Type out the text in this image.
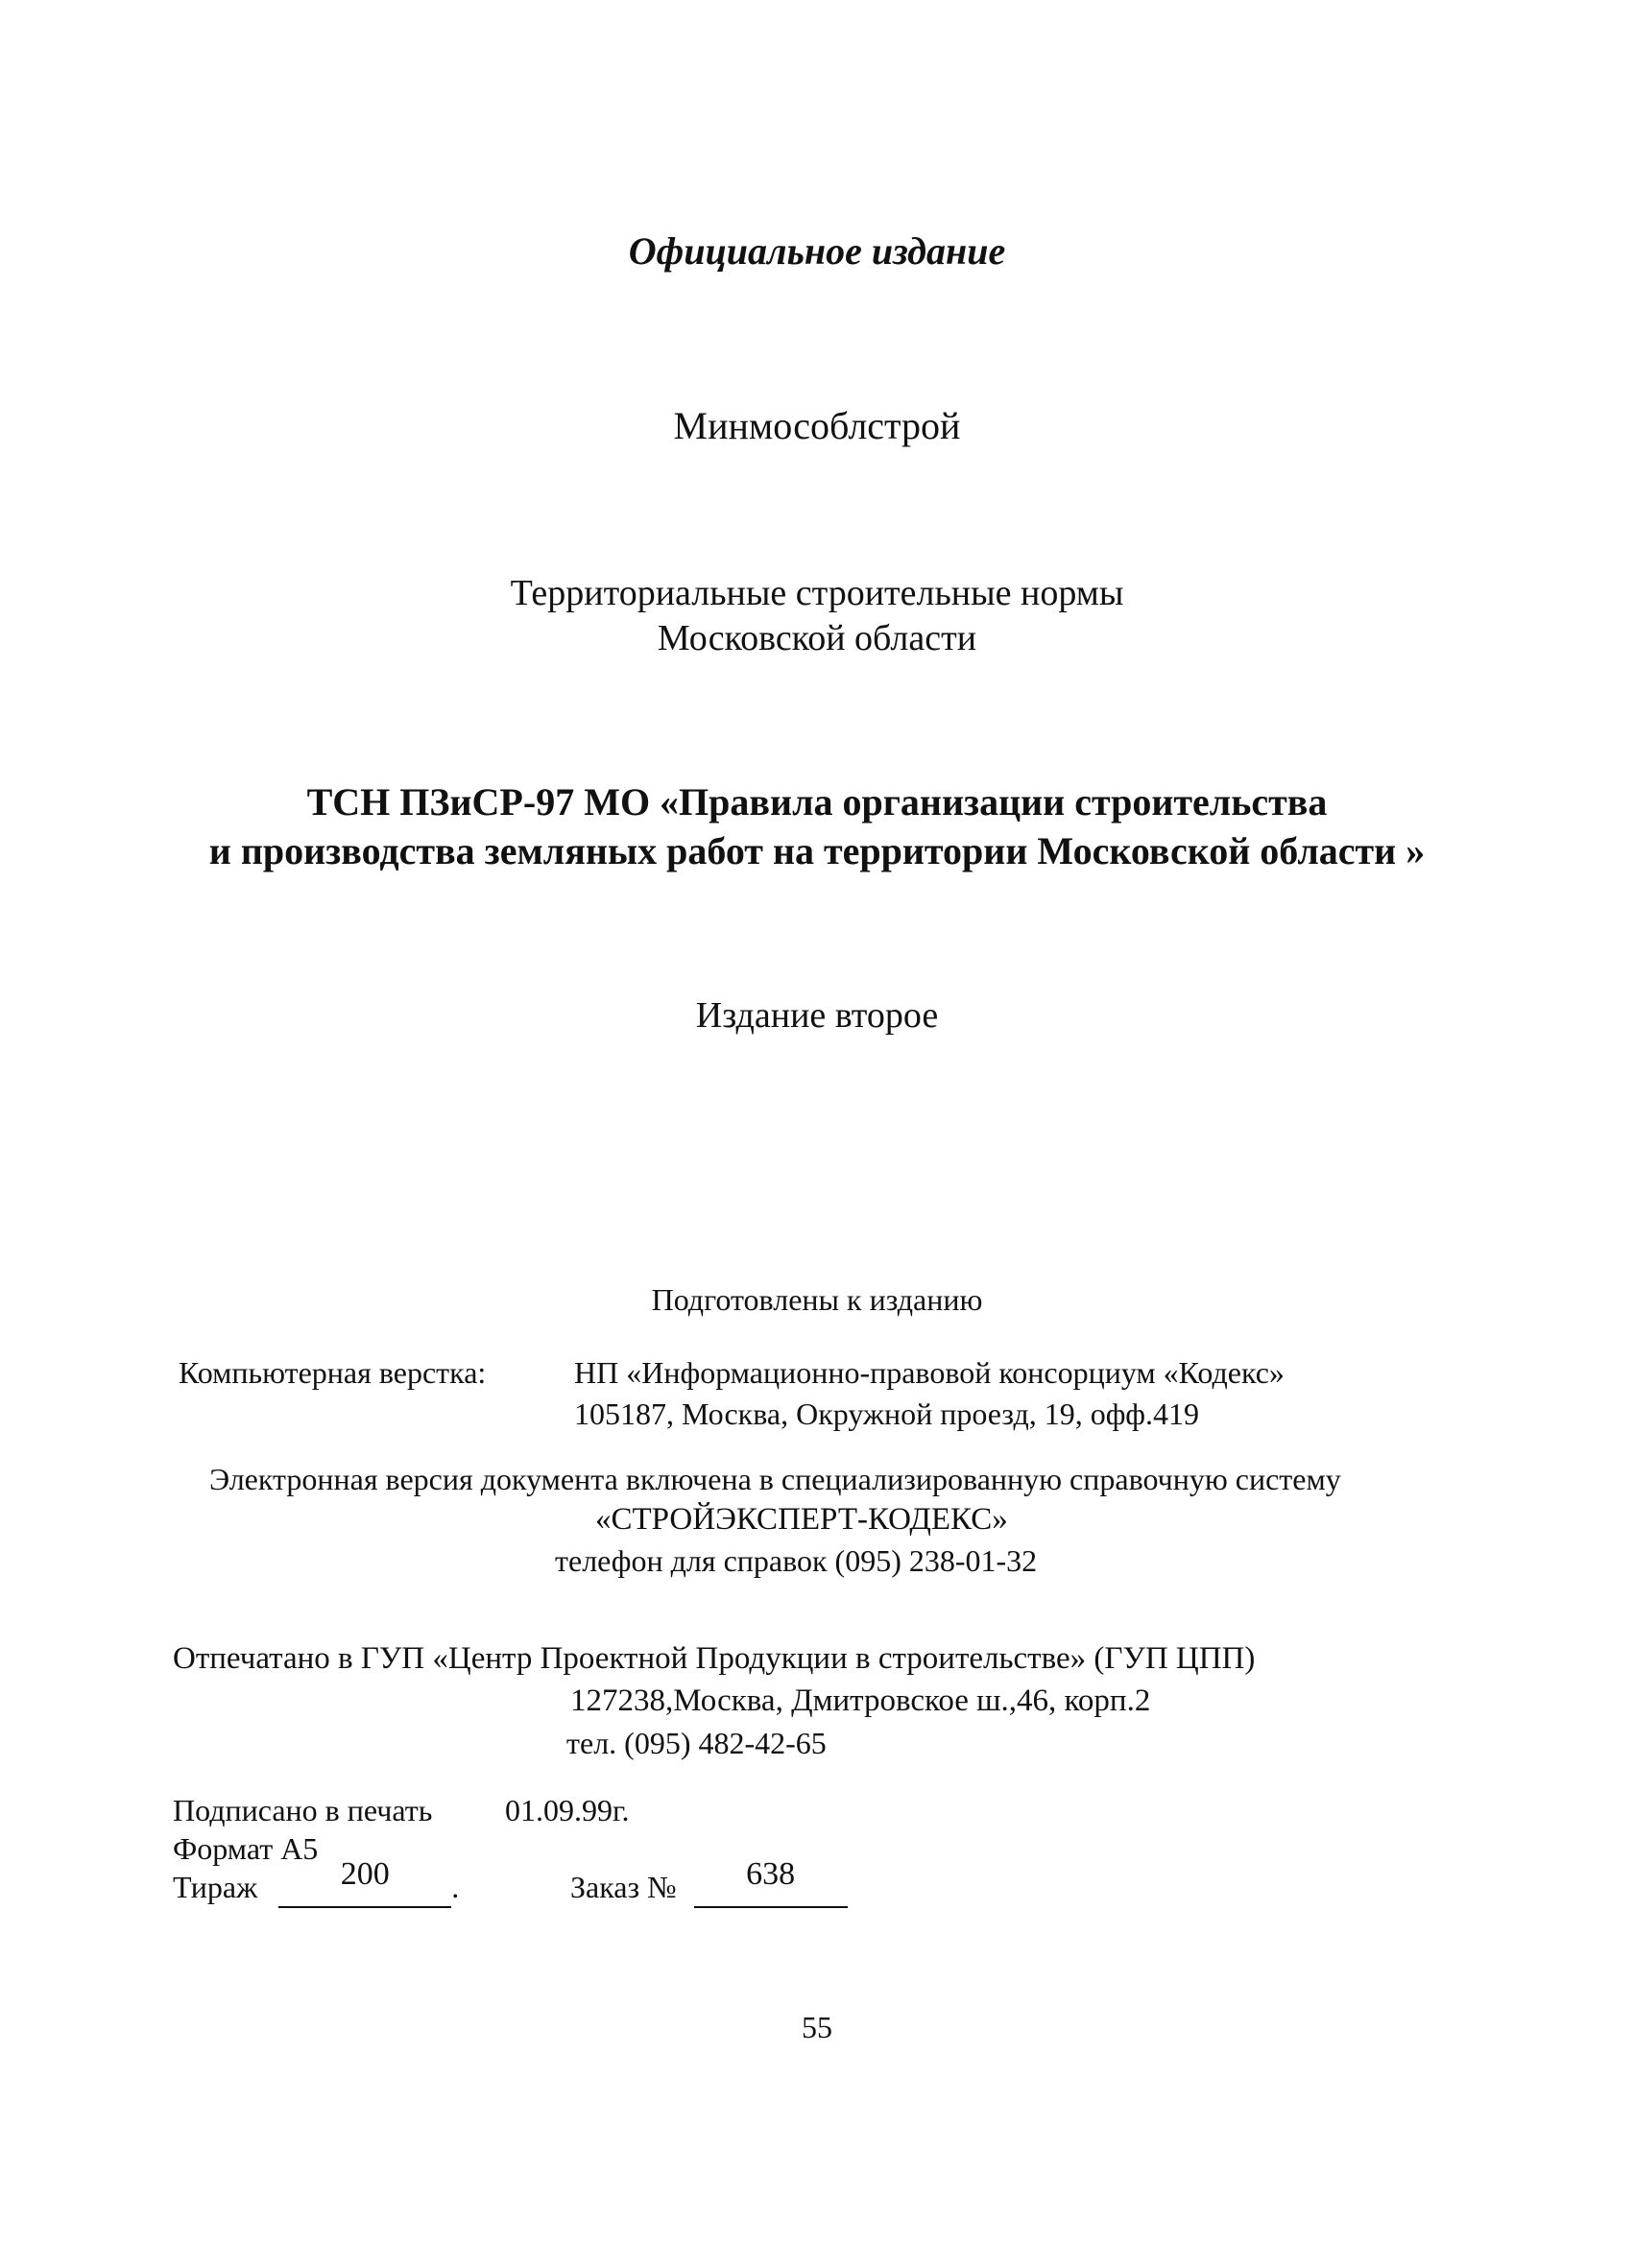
Официальное издание
Минмособлстрой
Территориальные строительные нормы
Московской области
ТСН ПЗиСР-97 МО «Правила организации строительства
и производства земляных работ на территории Московской области »
Издание второе
Подготовлены к изданию
Компьютерная верстка:	НП «Информационно-правовой консорциум «Кодекс»
105187, Москва, Окружной проезд, 19, офф.419
Электронная версия документа включена в специализированную справочную систему
«СТРОЙЭКСПЕРТ-КОДЕКС»
телефон для справок (095) 238-01-32
Отпечатано в ГУП «Центр Проектной Продукции в строительстве» (ГУП ЦПП)
127238,Москва, Дмитровское ш.,46, корп.2
тел. (095) 482-42-65
Подписано в печать 01.09.99г.
Формат А5
Тираж	200 .	Заказ № 638
55
